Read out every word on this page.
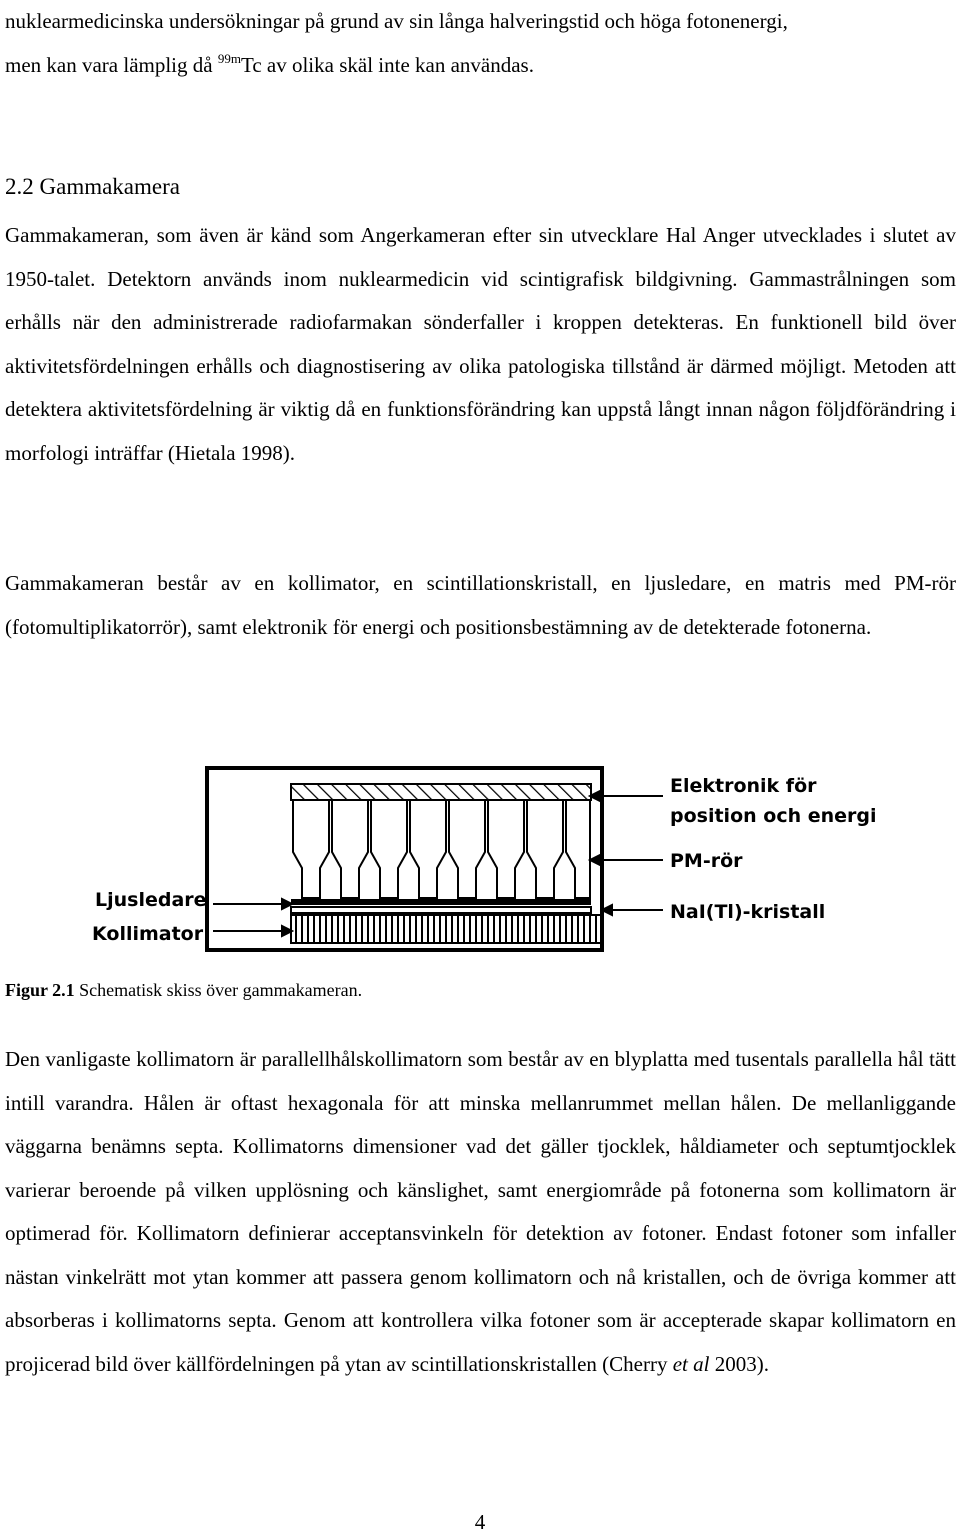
nuklearmedicinska undersökningar på grund av sin långa halveringstid och höga fotonenergi,
men kan vara lämplig då $^{99m}$Tc av olika skäl inte kan användas.

2.2 Gammakamera

Gammakameran, som även är känd som Angerkameran efter sin utvecklare Hal Anger utvecklades i slutet av 1950-talet. Detektorn används inom nuklearmedicin vid scintigrafisk bildgivning. Gammastrålningen som erhålls när den administrerade radiofarmakan sönderfaller i kroppen detekteras. En funktionell bild över aktivitetsfördelningen erhålls och diagnostisering av olika patologiska tillstånd är därmed möjligt. Metoden att detektera aktivitetsfördelning är viktig då en funktionsförändring kan uppstå långt innan någon följdförändring i morfologi inträffar (Hietala 1998).

Gammakameran består av en kollimator, en scintillationskristall, en ljusledare, en matris med PM-rör (fotomultiplikatorrör), samt elektronik för energi och positionsbestämning av de detekterade fotonerna.

Elektronik för
position och energi
PM-rör
NaI(Tl)-kristall
Ljusledare
Kollimator

Figur 2.1 Schematisk skiss över gammakameran.

Den vanligaste kollimatorn är parallellhålskollimatorn som består av en blyplatta med tusentals parallella hål tätt intill varandra. Hålen är oftast hexagonala för att minska mellanrummet mellan hålen. De mellanliggande väggarna benämns septa. Kollimatorns dimensioner vad det gäller tjocklek, håldiameter och septumtjocklek varierar beroende på vilken upplösning och känslighet, samt energiområde på fotonerna som kollimatorn är optimerad för. Kollimatorn definierar acceptansvinkeln för detektion av fotoner. Endast fotoner som infaller nästan vinkelrätt mot ytan kommer att passera genom kollimatorn och nå kristallen, och de övriga kommer att absorberas i kollimatorns septa. Genom att kontrollera vilka fotoner som är accepterade skapar kollimatorn en projicerad bild över källfördelningen på ytan av scintillationskristallen (Cherry et al 2003).

4
